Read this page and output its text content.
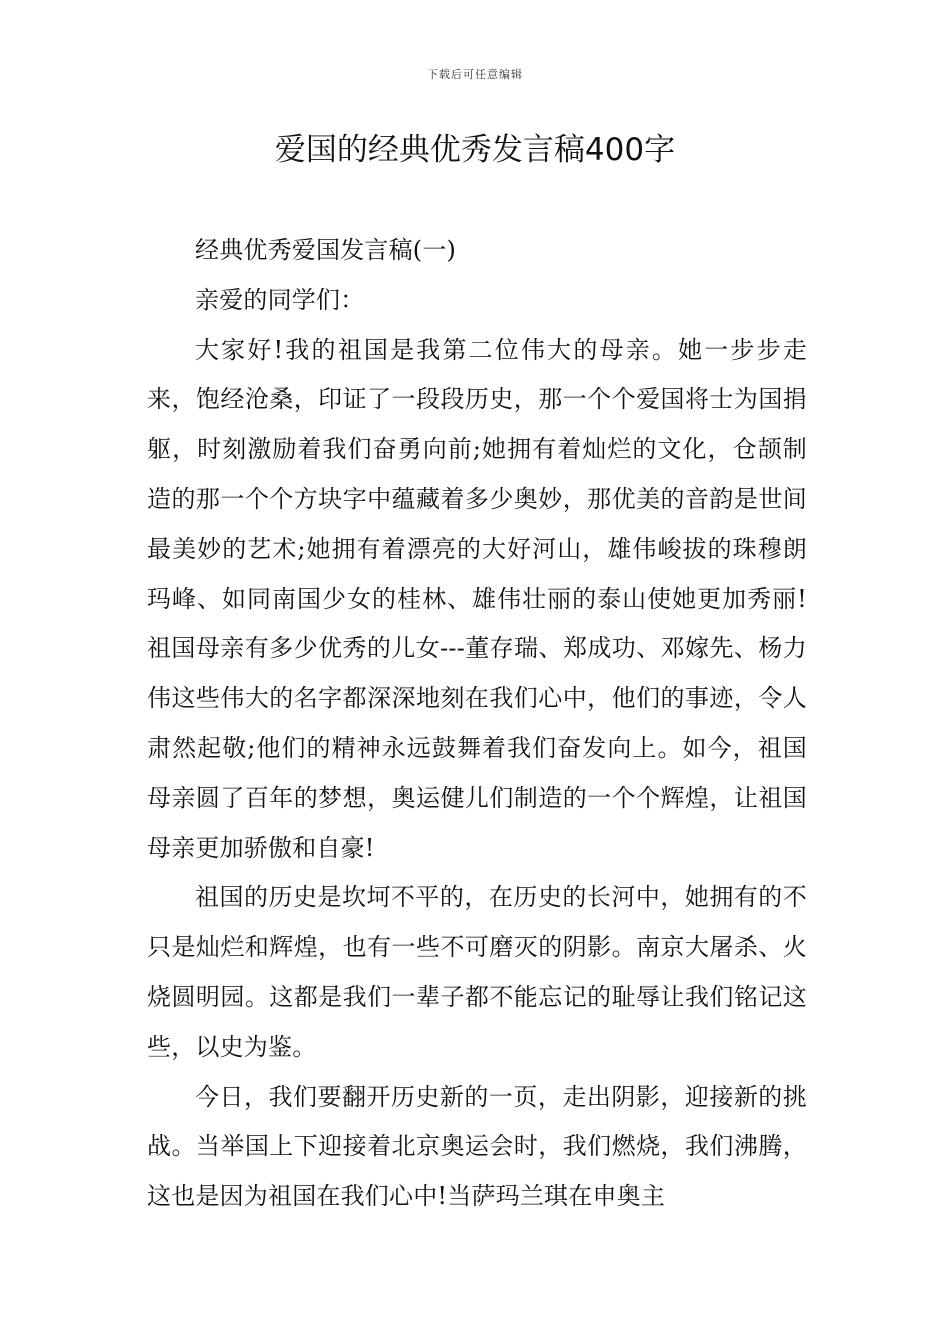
下载后可任意编辑
爱国的经典优秀发言稿400字

经典优秀爱国发言稿(一)

亲爱的同学们：

大家好!我的祖国是我第二位伟大的母亲。她一步步走来，饱经沧桑，印证了一段段历史，那一个个爱国将士为国捐躯，时刻激励着我们奋勇向前;她拥有着灿烂的文化，仓颉制造的那一个个方块字中蕴藏着多少奥妙，那优美的音韵是世间最美妙的艺术;她拥有着漂亮的大好河山，雄伟峻拔的珠穆朗玛峰、如同南国少女的桂林、雄伟壮丽的泰山使她更加秀丽!祖国母亲有多少优秀的儿女---董存瑞、郑成功、邓嫁先、杨力伟这些伟大的名字都深深地刻在我们心中，他们的事迹，令人肃然起敬;他们的精神永远鼓舞着我们奋发向上。如今，祖国母亲圆了百年的梦想，奥运健儿们制造的一个个辉煌，让祖国母亲更加骄傲和自豪!

祖国的历史是坎坷不平的，在历史的长河中，她拥有的不只是灿烂和辉煌，也有一些不可磨灭的阴影。南京大屠杀、火烧圆明园。这都是我们一辈子都不能忘记的耻辱让我们铭记这些，以史为鉴。

今日，我们要翻开历史新的一页，走出阴影，迎接新的挑战。当举国上下迎接着北京奥运会时，我们燃烧，我们沸腾，这也是因为祖国在我们心中!当萨玛兰琪在申奥主
